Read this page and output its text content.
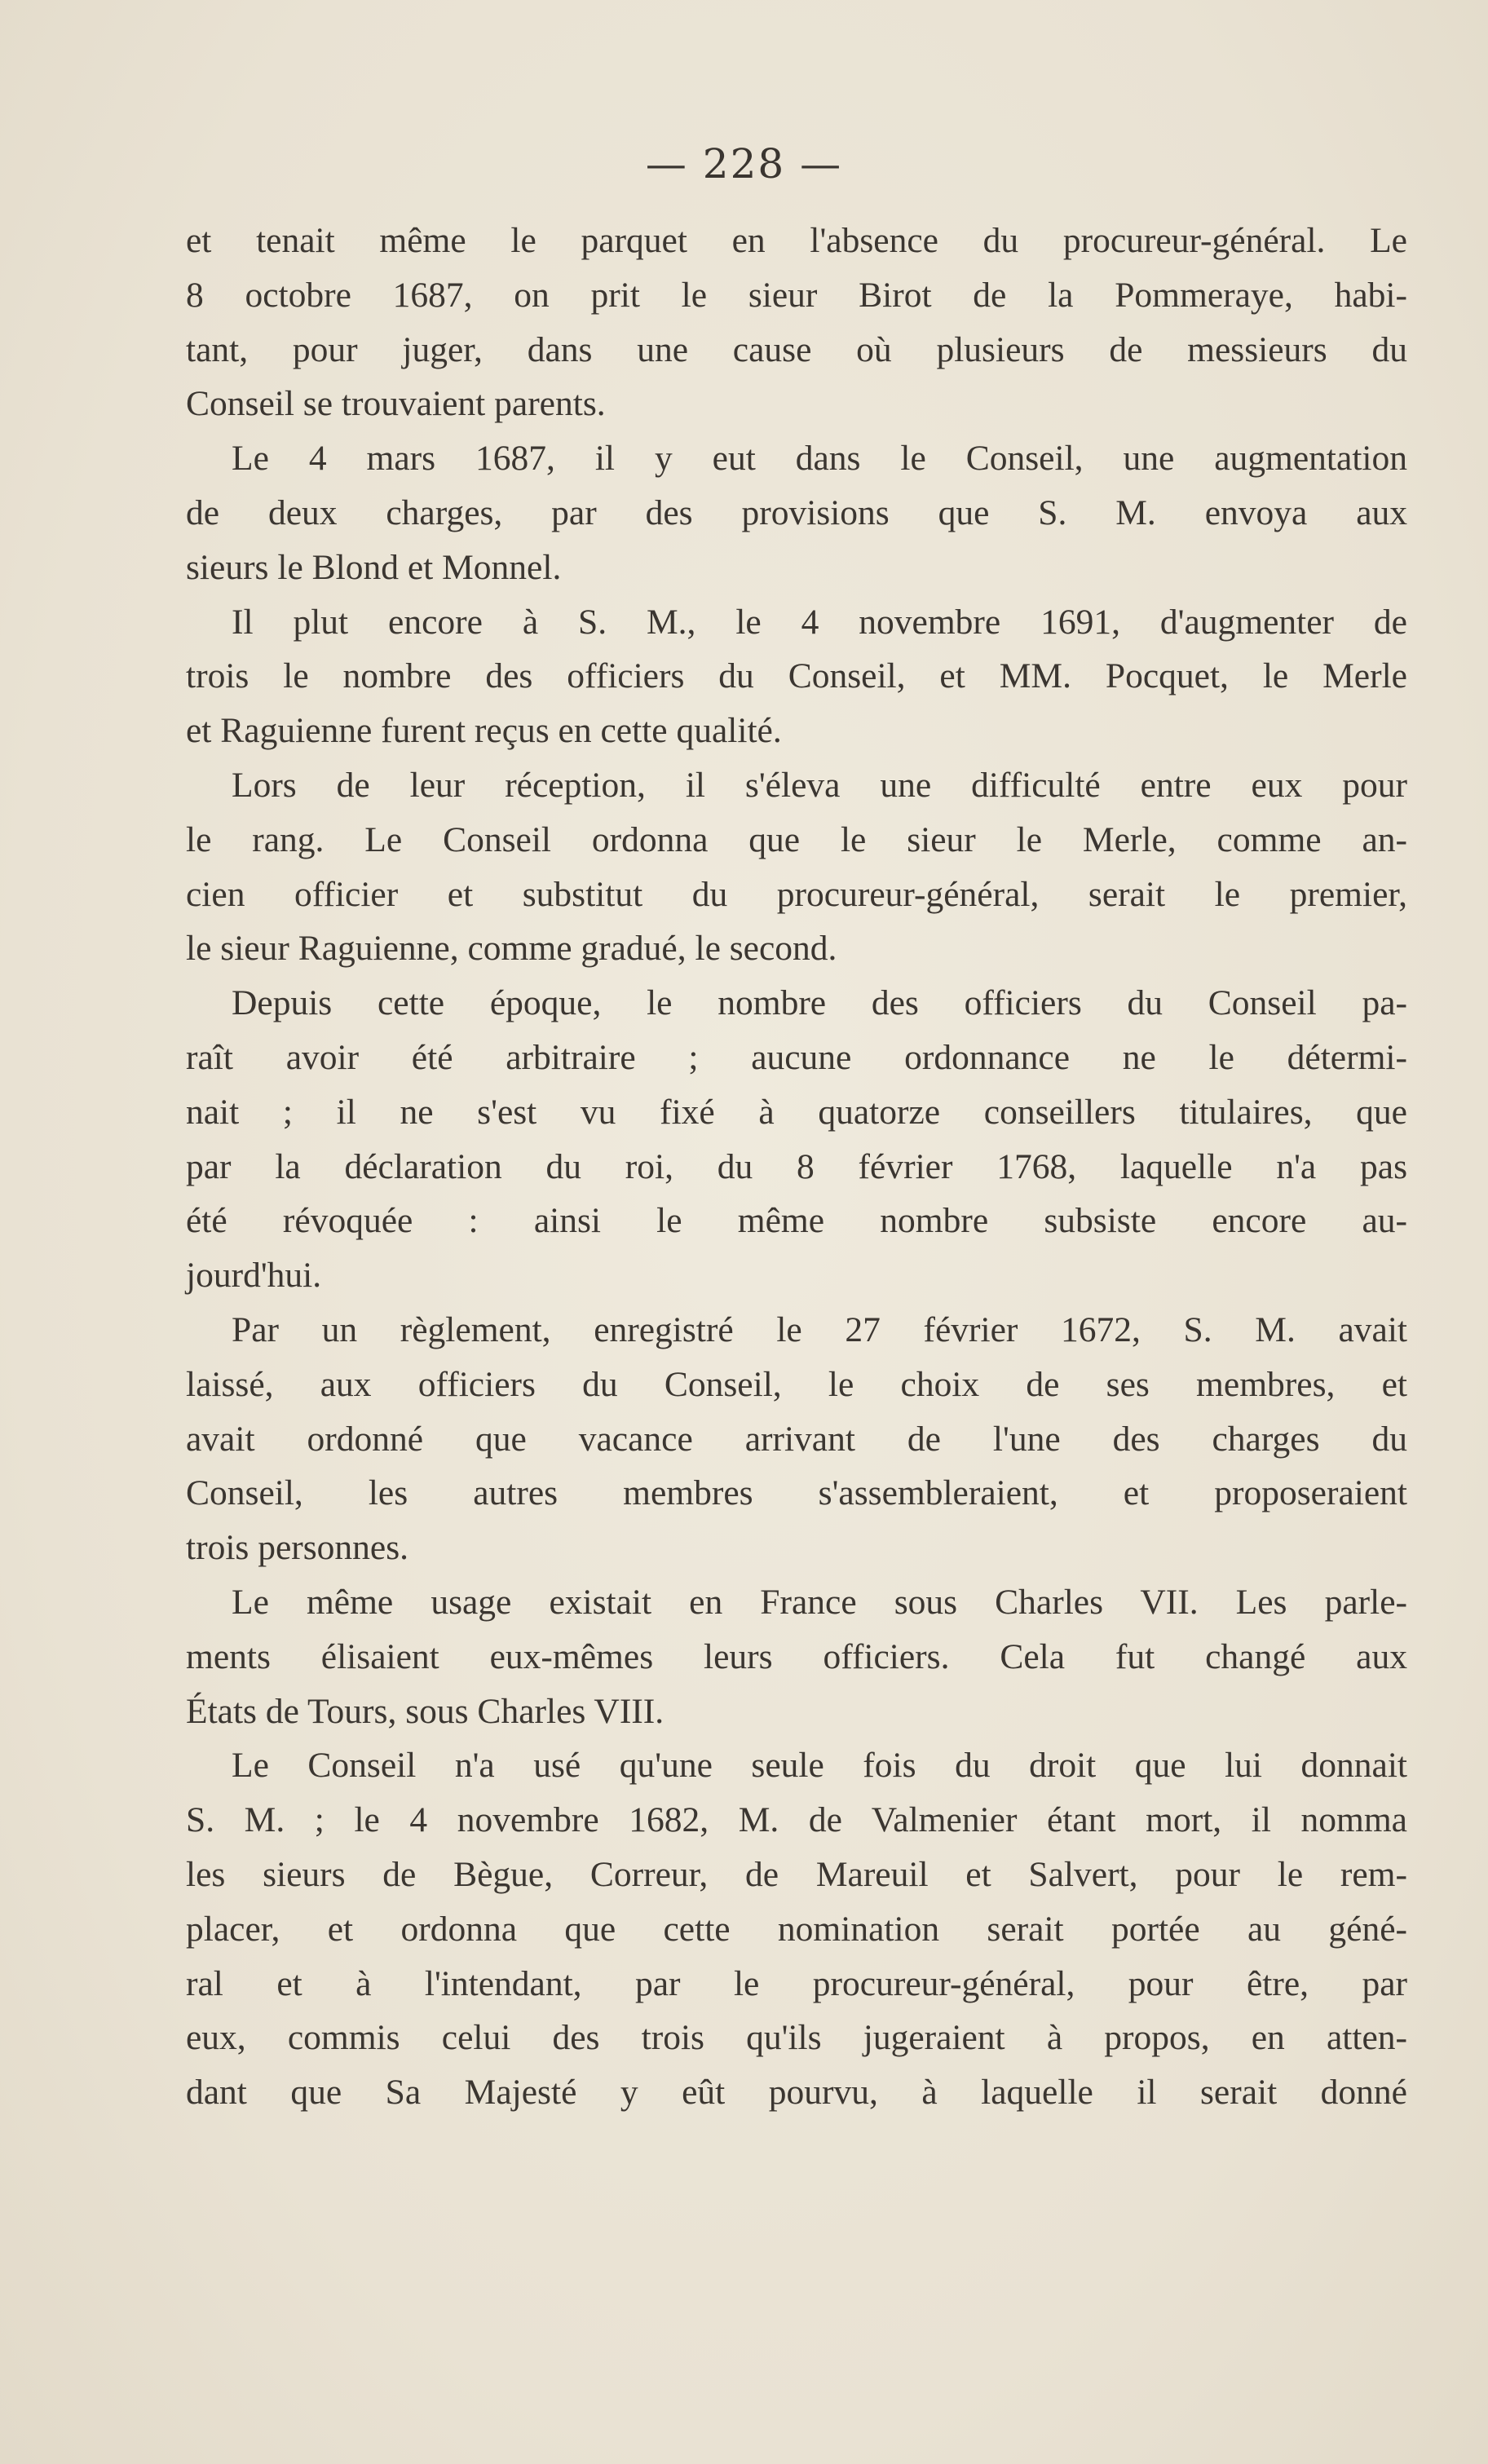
— 228 —
et tenait même le parquet en l'absence du procureur-général. Le
8 octobre 1687, on prit le sieur Birot de la Pommeraye, habi-
tant, pour juger, dans une cause où plusieurs de messieurs du
Conseil se trouvaient parents.
Le 4 mars 1687, il y eut dans le Conseil, une augmentation
de deux charges, par des provisions que S. M. envoya aux
sieurs le Blond et Monnel.
Il plut encore à S. M., le 4 novembre 1691, d'augmenter de
trois le nombre des officiers du Conseil, et MM. Pocquet, le Merle
et Raguienne furent reçus en cette qualité.
Lors de leur réception, il s'éleva une difficulté entre eux pour
le rang. Le Conseil ordonna que le sieur le Merle, comme an-
cien officier et substitut du procureur-général, serait le premier,
le sieur Raguienne, comme gradué, le second.
Depuis cette époque, le nombre des officiers du Conseil pa-
raît avoir été arbitraire ; aucune ordonnance ne le détermi-
nait ; il ne s'est vu fixé à quatorze conseillers titulaires, que
par la déclaration du roi, du 8 février 1768, laquelle n'a pas
été révoquée : ainsi le même nombre subsiste encore au-
jourd'hui.
Par un règlement, enregistré le 27 février 1672, S. M. avait
laissé, aux officiers du Conseil, le choix de ses membres, et
avait ordonné que vacance arrivant de l'une des charges du
Conseil, les autres membres s'assembleraient, et proposeraient
trois personnes.
Le même usage existait en France sous Charles VII. Les parle-
ments élisaient eux-mêmes leurs officiers. Cela fut changé aux
États de Tours, sous Charles VIII.
Le Conseil n'a usé qu'une seule fois du droit que lui donnait
S. M. ; le 4 novembre 1682, M. de Valmenier étant mort, il nomma
les sieurs de Bègue, Correur, de Mareuil et Salvert, pour le rem-
placer, et ordonna que cette nomination serait portée au géné-
ral et à l'intendant, par le procureur-général, pour être, par
eux, commis celui des trois qu'ils jugeraient à propos, en atten-
dant que Sa Majesté y eût pourvu, à laquelle il serait donné
